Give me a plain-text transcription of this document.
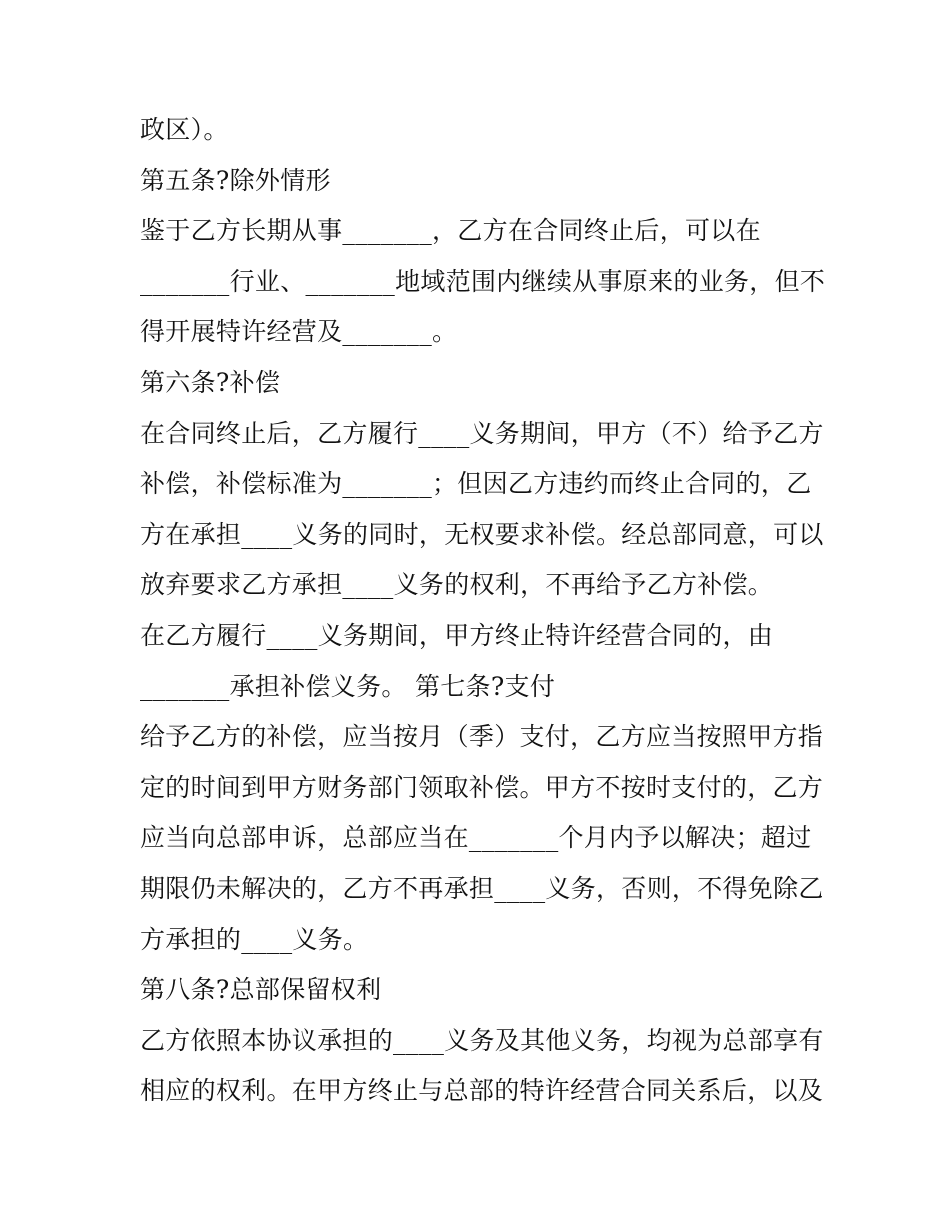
政区）。
第五条?除外情形
鉴于乙方长期从事_______，乙方在合同终止后，可以在
_______行业、_______地域范围内继续从事原来的业务，但不
得开展特许经营及_______。
第六条?补偿
在合同终止后，乙方履行____义务期间，甲方（不）给予乙方
补偿，补偿标准为_______；但因乙方违约而终止合同的，乙
方在承担____义务的同时，无权要求补偿。经总部同意，可以
放弃要求乙方承担____义务的权利，不再给予乙方补偿。
在乙方履行____义务期间，甲方终止特许经营合同的，由
_______承担补偿义务。 第七条?支付
给予乙方的补偿，应当按月（季）支付，乙方应当按照甲方指
定的时间到甲方财务部门领取补偿。甲方不按时支付的，乙方
应当向总部申诉，总部应当在_______个月内予以解决；超过
期限仍未解决的，乙方不再承担____义务，否则，不得免除乙
方承担的____义务。
第八条?总部保留权利
乙方依照本协议承担的____义务及其他义务，均视为总部享有
相应的权利。在甲方终止与总部的特许经营合同关系后，以及
